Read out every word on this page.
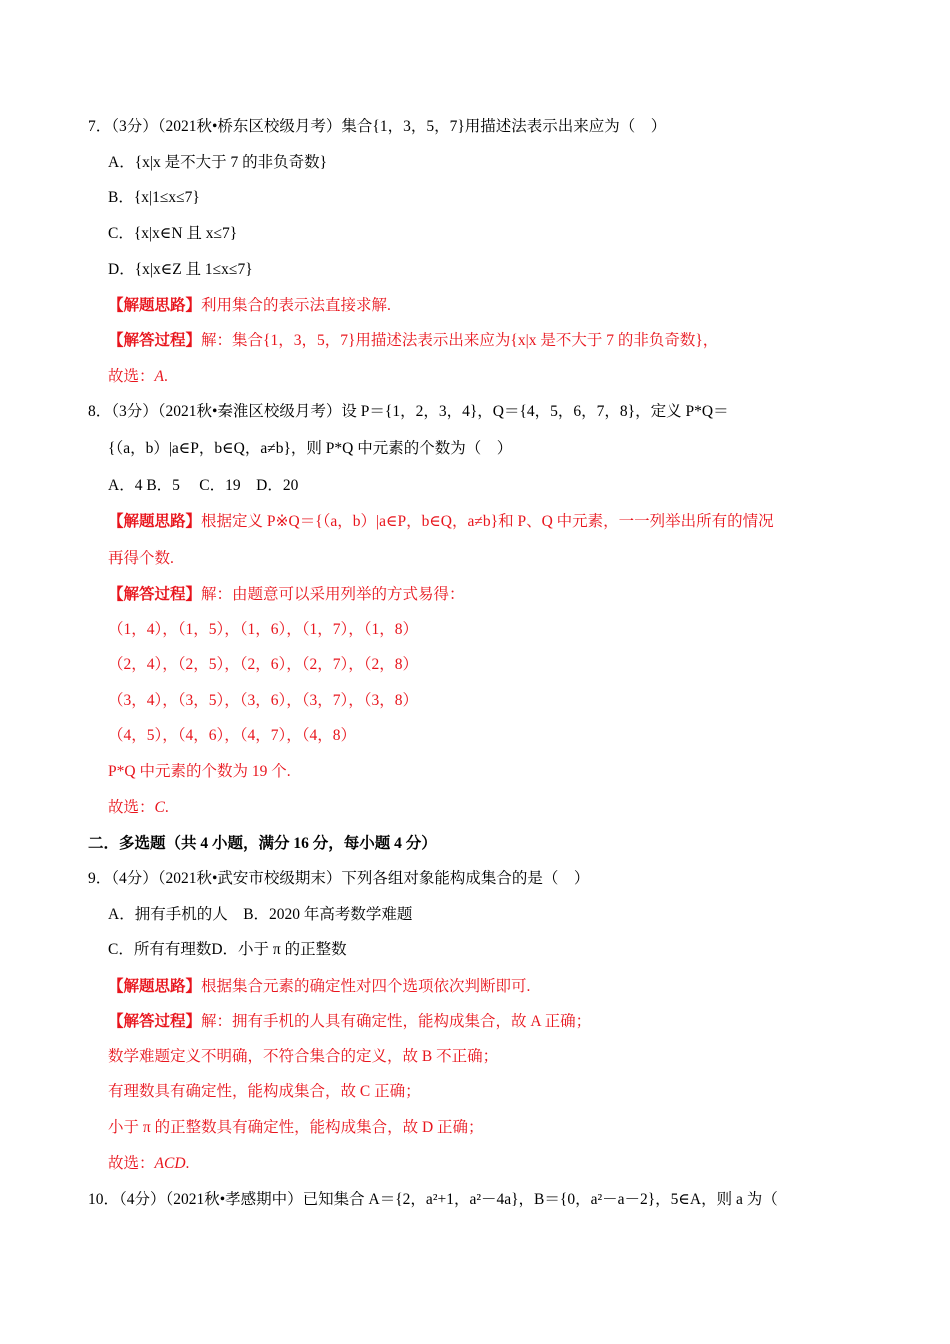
7．（3分）（2021秋•桥东区校级月考）集合{1，3，5，7}用描述法表示出来应为（　）
A．{x|x 是不大于 7 的非负奇数}
B．{x|1≤x≤7}
C．{x|x∈N 且 x≤7}
D．{x|x∈Z 且 1≤x≤7}
【解题思路】利用集合的表示法直接求解.
【解答过程】解：集合{1，3，5，7}用描述法表示出来应为{x|x 是不大于 7 的非负奇数}，
故选：A.
8．（3分）（2021秋•秦淮区校级月考）设 P＝{1，2，3，4}，Q＝{4，5，6，7，8}，定义 P*Q＝
{（a，b）|a∈P，b∈Q，a≠b}，则 P*Q 中元素的个数为（　）
A．4 B．5　 C．19　D．20
【解题思路】根据定义 P※Q＝{（a，b）|a∈P，b∈Q，a≠b}和 P、Q 中元素，一一列举出所有的情况
再得个数.
【解答过程】解：由题意可以采用列举的方式易得：
（1，4），（1，5），（1，6），（1，7），（1，8）
（2，4），（2，5），（2，6），（2，7），（2，8）
（3，4），（3，5），（3，6），（3，7），（3，8）
（4，5），（4，6），（4，7），（4，8）
P*Q 中元素的个数为 19 个.
故选：C.
二．多选题（共 4 小题，满分 16 分，每小题 4 分）
9．（4分）（2021秋•武安市校级期末）下列各组对象能构成集合的是（　）
A．拥有手机的人　B．2020 年高考数学难题
C．所有有理数D．小于 π 的正整数
【解题思路】根据集合元素的确定性对四个选项依次判断即可.
【解答过程】解：拥有手机的人具有确定性，能构成集合，故 A 正确；
数学难题定义不明确，不符合集合的定义，故 B 不正确；
有理数具有确定性，能构成集合，故 C 正确；
小于 π 的正整数具有确定性，能构成集合，故 D 正确；
故选：ACD.
10．（4分）（2021秋•孝感期中）已知集合 A＝{2，a²+1，a²－4a}，B＝{0，a²－a－2}，5∈A，则 a 为（
